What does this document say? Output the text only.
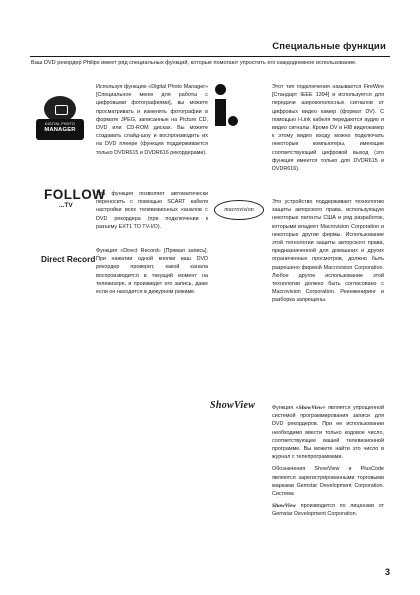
Специальные функции
Ваш DVD рекордер Philips имеет ряд специальных функций, которые помогают упростить его каждодневное использование.
DIGITAL PHOTO
MANAGER
Используя функцию «Digital Photo Manager» [Специальное меню для работы с цифровыми фотографиями], вы можете просматривать и изменять фотографии в формате JPEG, записанные на Picture CD, DVD или CD-ROM дисках. Вы можете создавать слайд-шоу и воспроизводить их на DVD плеере (функция поддерживается только DVDR615 и DVDR616 рекордерами).
FOLLOW
...TV
Эта функция позволяет автоматически переносить с помощью SCART кабеля настройки всех телевизионных каналов с DVD рекордера (при подключении к разъему EXT1 TO TV-I/O).
Direct Record
Функция «Direct Record» [Прямая запись]. При нажатии одной кнопки ваш DVD рекордер проверит, какой канала воспроизводится в текущий момент на телевизоре, и произведет его запись, даже если он находится в дежурном режиме.
Этот тип подключения называется FireWire [Стандарт IEEE 1394] и используется для передачи широкополосных сигналов от цифровых видео камер (формат DV). С помощью i-Link кабеля передаются аудио и видео сигналы. Кроме DV и HI8 видеокамер к этому видео входу можно подключать некоторые компьютеры, имеющие соответствующий цифровой выход (это функция имеется только для DVDR615 и DVDR616).
macrovision
Это устройство поддерживает технологию защиты авторского права, использующую некоторые патенты США и ряд разработок, которыми владеет Macrovision Corporation и некоторые другие фирмы. Использование этой технологии защиты авторского права, предназначенной для домашних и других ограниченных просмотров, должно быть разрешено фирмой Macrovision Corporation. Любое другое использование этой технологии должно быть согласовано с Macrovision Corporation. Реинжениринг и разборка запрещены.
ShowView	Функция «ShowView» является упрощенной системой программирования записи для DVD рекордеров. При ее использовании необходимо ввести только кодовое число, соответствующее вашей телевизионной программе. Вы можете найти это число в журнал с телепрограммами.

Обозначения ShowView и PlusCode являются зарегистрированными торговыми марками Gemstar Development Corporation. Система

ShowView производится по лицензии от Gemstar Development Corporation.

3
